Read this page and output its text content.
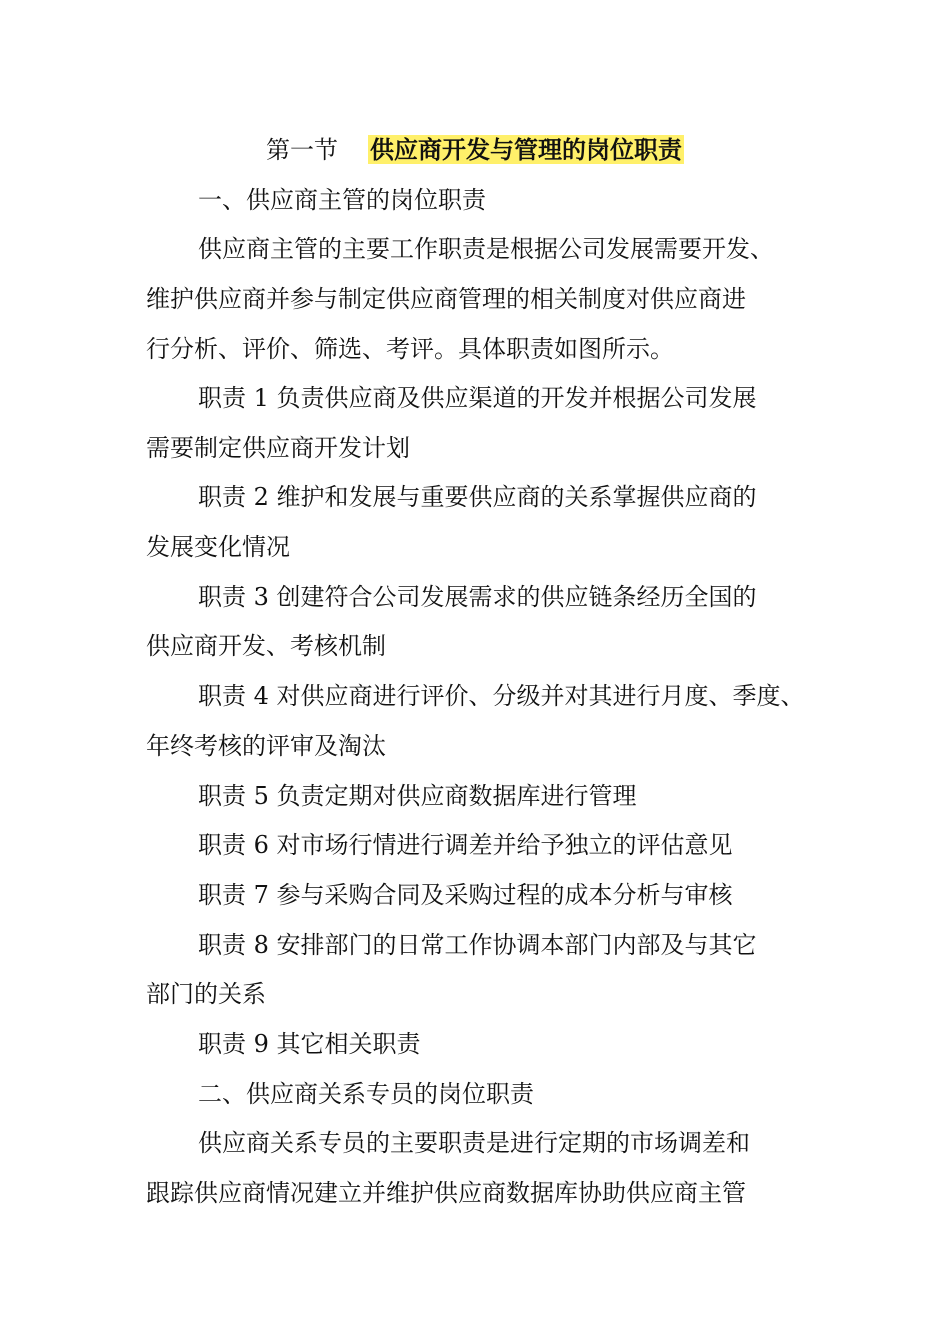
第一节 供应商开发与管理的岗位职责
一、供应商主管的岗位职责
供应商主管的主要工作职责是根据公司发展需要开发、
维护供应商并参与制定供应商管理的相关制度对供应商进
行分析、评价、筛选、考评。具体职责如图所示。
职责 1 负责供应商及供应渠道的开发并根据公司发展
需要制定供应商开发计划
职责 2 维护和发展与重要供应商的关系掌握供应商的
发展变化情况
职责 3 创建符合公司发展需求的供应链条经历全国的
供应商开发、考核机制
职责 4 对供应商进行评价、分级并对其进行月度、季度、
年终考核的评审及淘汰
职责 5 负责定期对供应商数据库进行管理
职责 6 对市场行情进行调差并给予独立的评估意见
职责 7 参与采购合同及采购过程的成本分析与审核
职责 8 安排部门的日常工作协调本部门内部及与其它
部门的关系
职责 9 其它相关职责
二、供应商关系专员的岗位职责
供应商关系专员的主要职责是进行定期的市场调差和
跟踪供应商情况建立并维护供应商数据库协助供应商主管
